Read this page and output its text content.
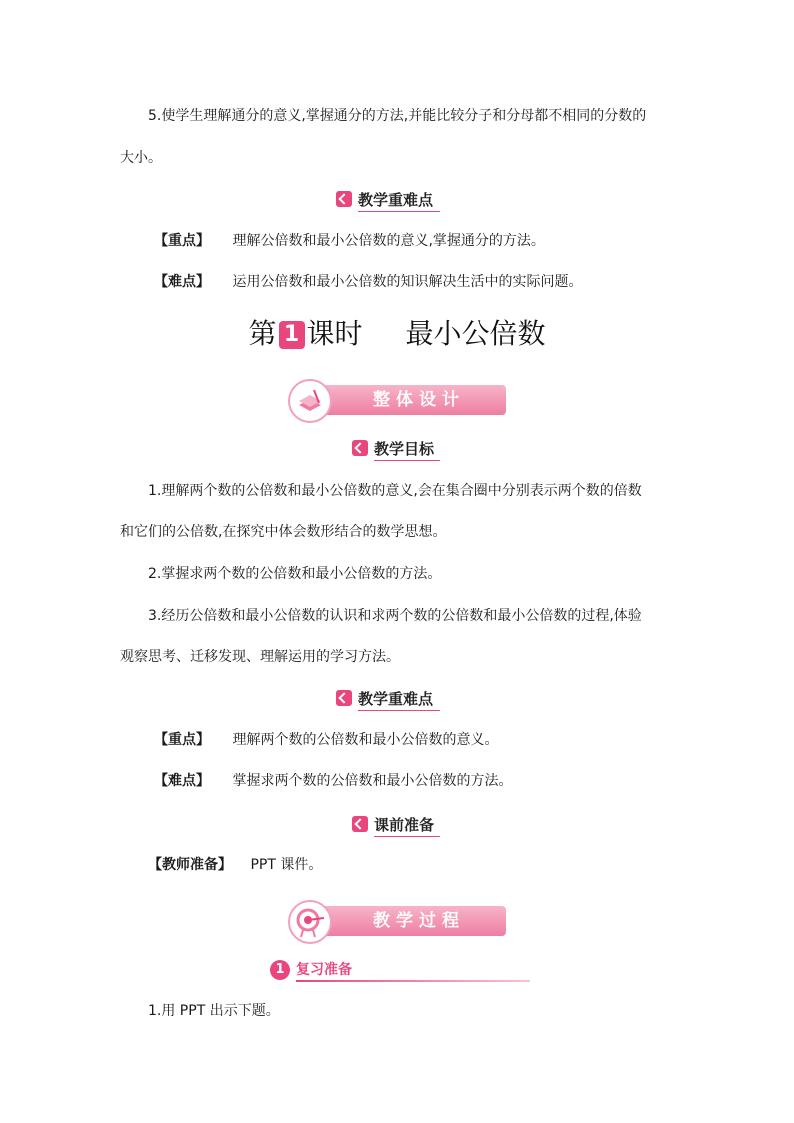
5.使学生理解通分的意义,掌握通分的方法,并能比较分子和分母都不相同的分数的
大小。
教学重难点
【重点】 理解公倍数和最小公倍数的意义,掌握通分的方法。
【难点】 运用公倍数和最小公倍数的知识解决生活中的实际问题。
第 1 课时 最小公倍数
整体设计
教学目标
1.理解两个数的公倍数和最小公倍数的意义,会在集合圈中分别表示两个数的倍数
和它们的公倍数,在探究中体会数形结合的数学思想。
2.掌握求两个数的公倍数和最小公倍数的方法。
3.经历公倍数和最小公倍数的认识和求两个数的公倍数和最小公倍数的过程,体验
观察思考、迁移发现、理解运用的学习方法。
教学重难点
【重点】 理解两个数的公倍数和最小公倍数的意义。
【难点】 掌握求两个数的公倍数和最小公倍数的方法。
课前准备
【教师准备】 PPT 课件。
教学过程
1 复习准备
1.用 PPT 出示下题。
